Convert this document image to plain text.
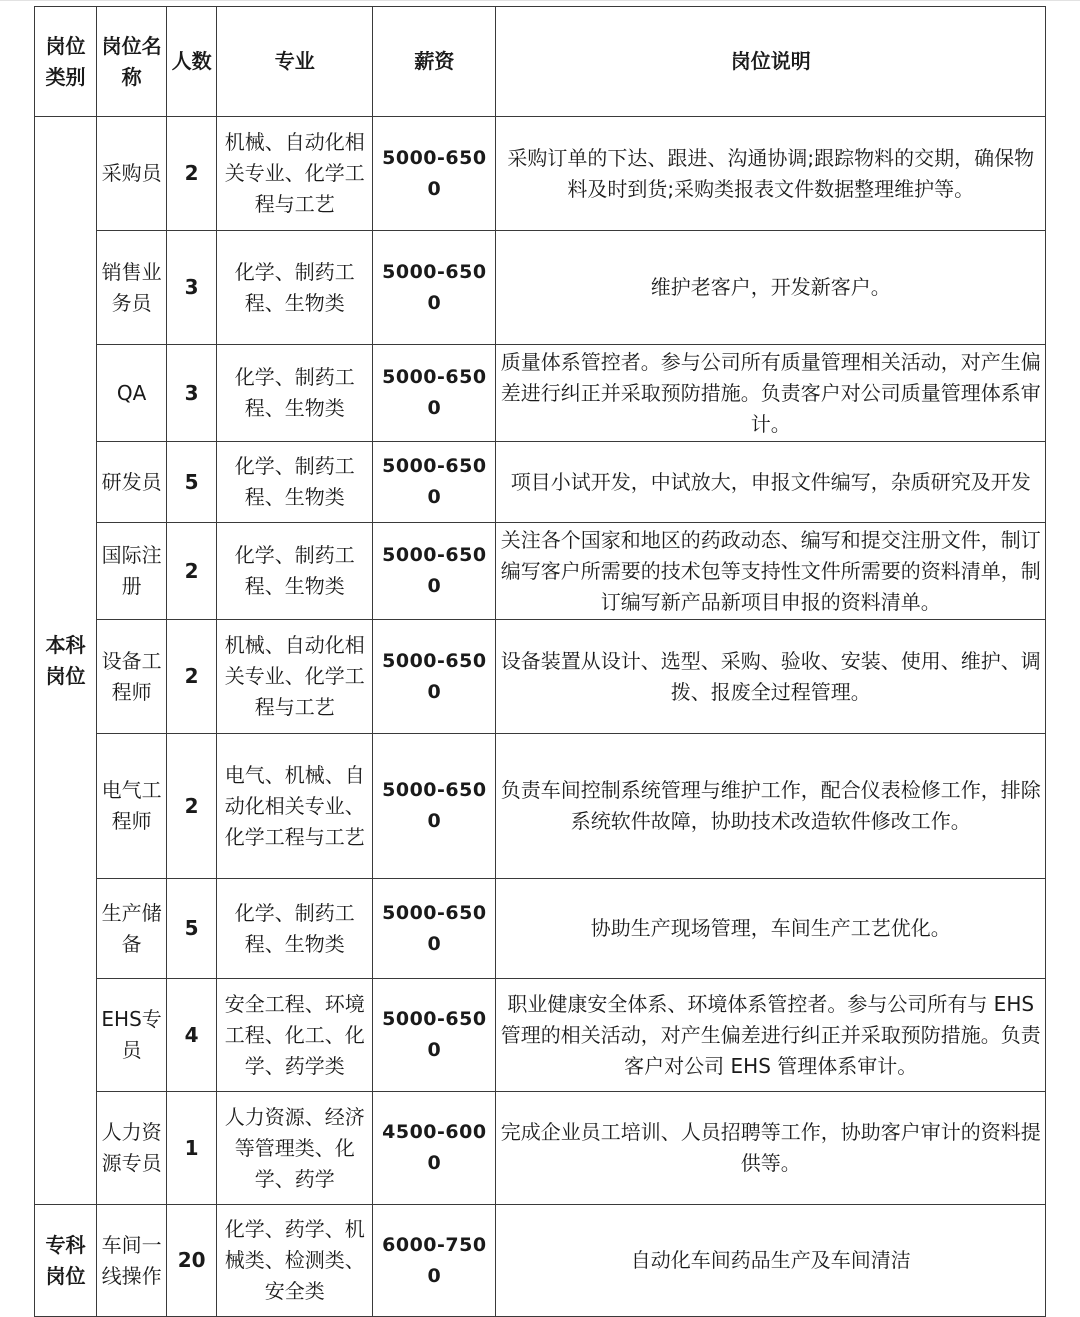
岗位类别	岗位名称	人数	专业	薪资	岗位说明
本科岗位	采购员	2	机械、自动化相关专业、化学工程与工艺	5000-6500	采购订单的下达、跟进、沟通协调;跟踪物料的交期，确保物料及时到货;采购类报表文件数据整理维护等。
	销售业务员	3	化学、制药工程、生物类	5000-6500	维护老客户，开发新客户。
	QA	3	化学、制药工程、生物类	5000-6500	质量体系管控者。参与公司所有质量管理相关活动，对产生偏差进行纠正并采取预防措施。负责客户对公司质量管理体系审计。
	研发员	5	化学、制药工程、生物类	5000-6500	项目小试开发，中试放大，申报文件编写，杂质研究及开发
	国际注册	2	化学、制药工程、生物类	5000-6500	关注各个国家和地区的药政动态、编写和提交注册文件，制订编写客户所需要的技术包等支持性文件所需要的资料清单，制订编写新产品新项目申报的资料清单。
	设备工程师	2	机械、自动化相关专业、化学工程与工艺	5000-6500	设备装置从设计、选型、采购、验收、安装、使用、维护、调拨、报废全过程管理。
	电气工程师	2	电气、机械、自动化相关专业、化学工程与工艺	5000-6500	负责车间控制系统管理与维护工作，配合仪表检修工作，排除系统软件故障，协助技术改造软件修改工作。
	生产储备	5	化学、制药工程、生物类	5000-6500	协助生产现场管理，车间生产工艺优化。
	EHS专员	4	安全工程、环境工程、化工、化学、药学类	5000-6500	职业健康安全体系、环境体系管控者。参与公司所有与 EHS 管理的相关活动，对产生偏差进行纠正并采取预防措施。负责客户对公司 EHS 管理体系审计。
	人力资源专员	1	人力资源、经济等管理类、化学、药学	4500-6000	完成企业员工培训、人员招聘等工作，协助客户审计的资料提供等。
专科岗位	车间一线操作	20	化学、药学、机械类、检测类、安全类	6000-7500	自动化车间药品生产及车间清洁
